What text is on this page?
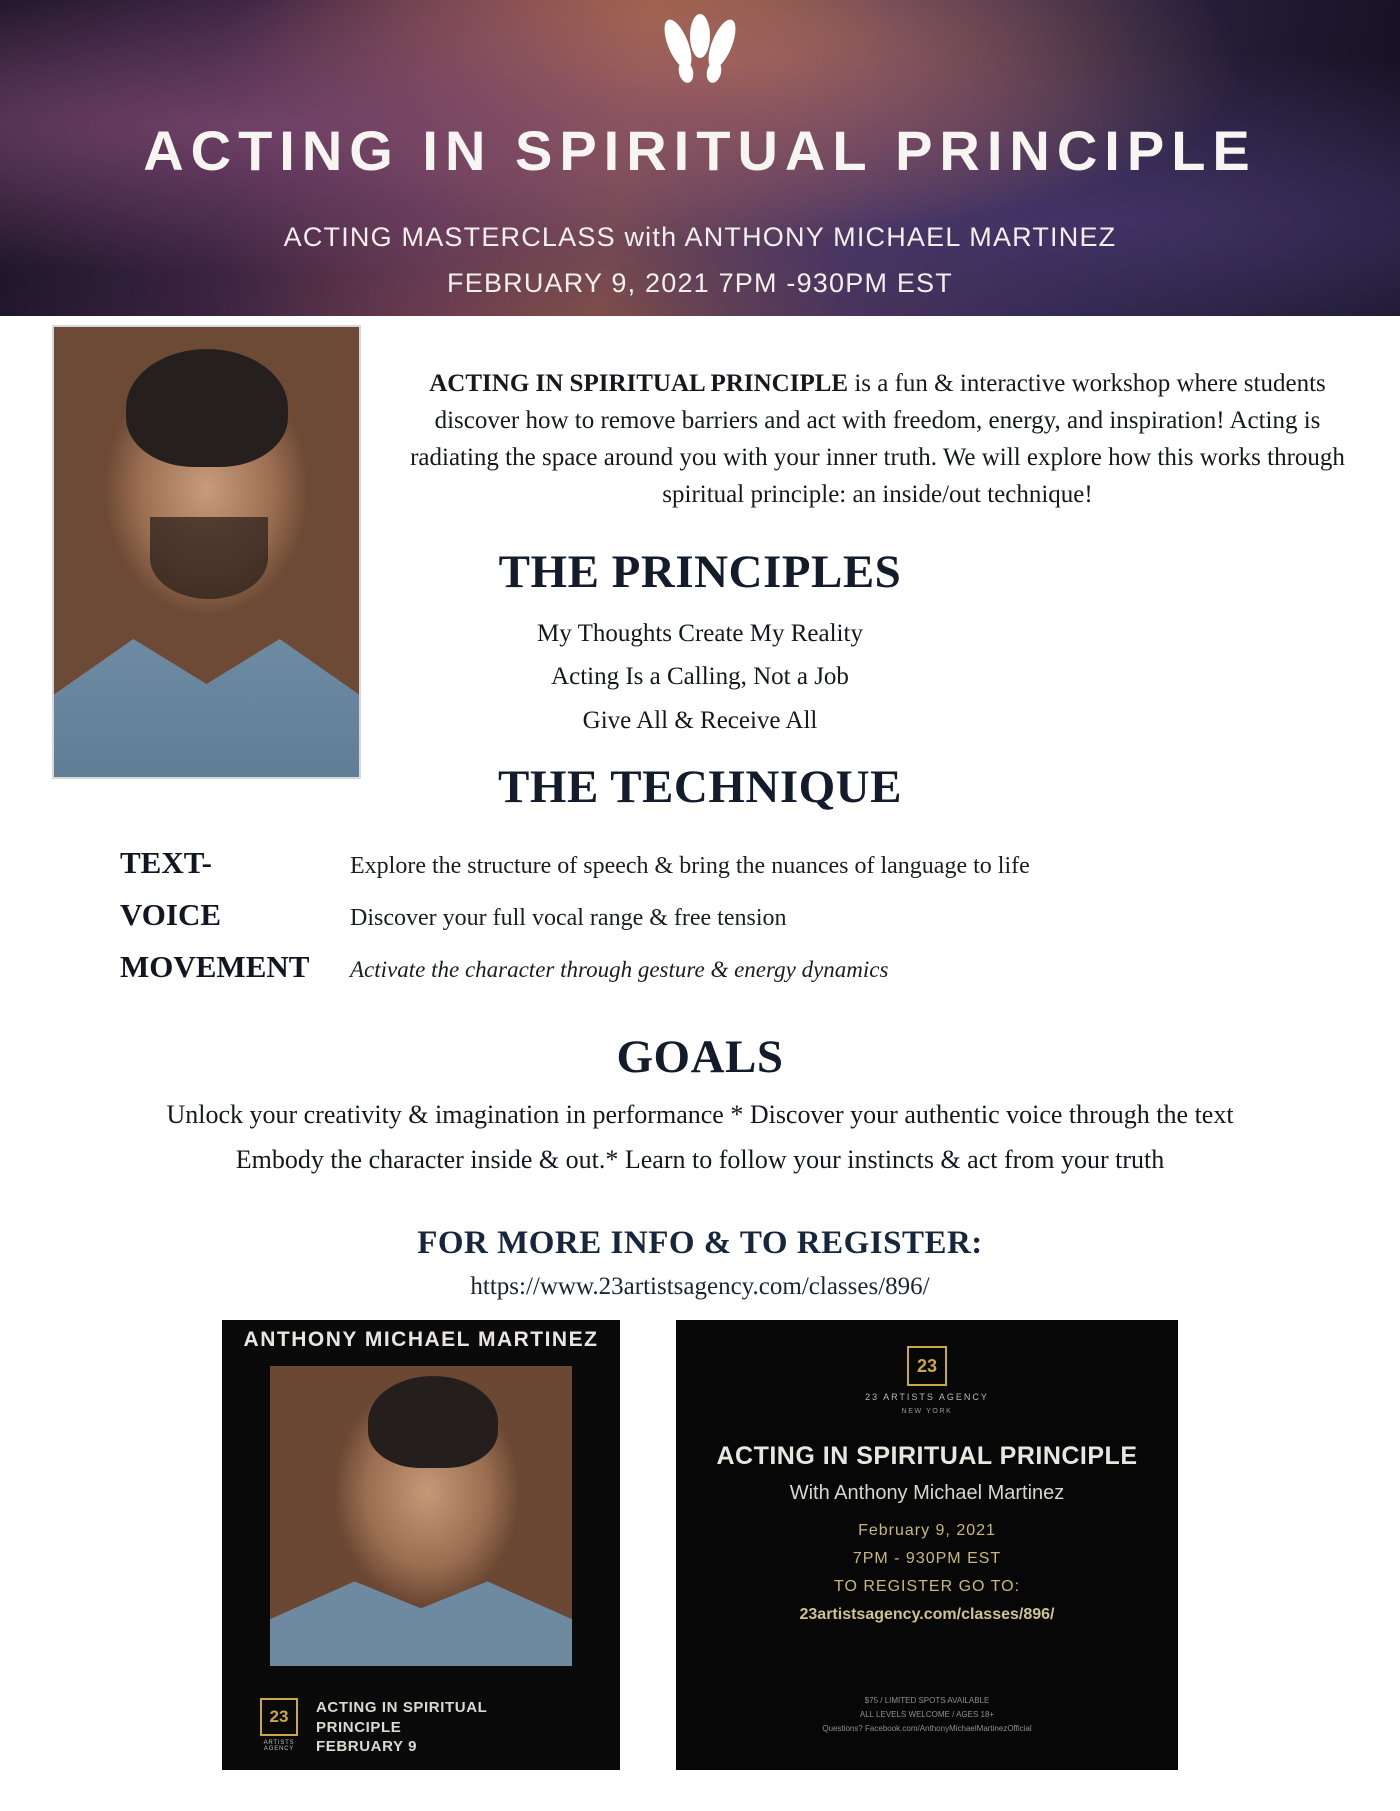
ACTING IN SPIRITUAL PRINCIPLE
ACTING MASTERCLASS with ANTHONY MICHAEL MARTINEZ
FEBRUARY 9, 2021 7PM -930PM EST

ACTING IN SPIRITUAL PRINCIPLE is a fun & interactive workshop where students discover how to remove barriers and act with freedom, energy, and inspiration! Acting is radiating the space around you with your inner truth. We will explore how this works through spiritual principle: an inside/out technique!

THE PRINCIPLES
My Thoughts Create My Reality
Acting Is a Calling, Not a Job
Give All & Receive All
THE TECHNIQUE
TEXT-	Explore the structure of speech & bring the nuances of language to life
VOICE	Discover your full vocal range & free tension
MOVEMENT	Activate the character through gesture & energy dynamics
GOALS
Unlock your creativity & imagination in performance * Discover your authentic voice through the text
Embody the character inside & out.* Learn to follow your instincts & act from your truth
FOR MORE INFO & TO REGISTER:
https://www.23artistsagency.com/classes/896/
ANTHONY MICHAEL MARTINEZ
23
ARTISTS AGENCY
ACTING IN SPIRITUAL
PRINCIPLE
FEBRUARY 9
23
23 ARTISTS AGENCY
NEW YORK
ACTING IN SPIRITUAL PRINCIPLE
With Anthony Michael Martinez
February 9, 2021
7PM - 930PM EST
TO REGISTER GO TO:
23artistsagency.com/classes/896/
$75 / LIMITED SPOTS AVAILABLE
ALL LEVELS WELCOME / AGES 18+
Questions? Facebook.com/AnthonyMichaelMartinezOfficial
